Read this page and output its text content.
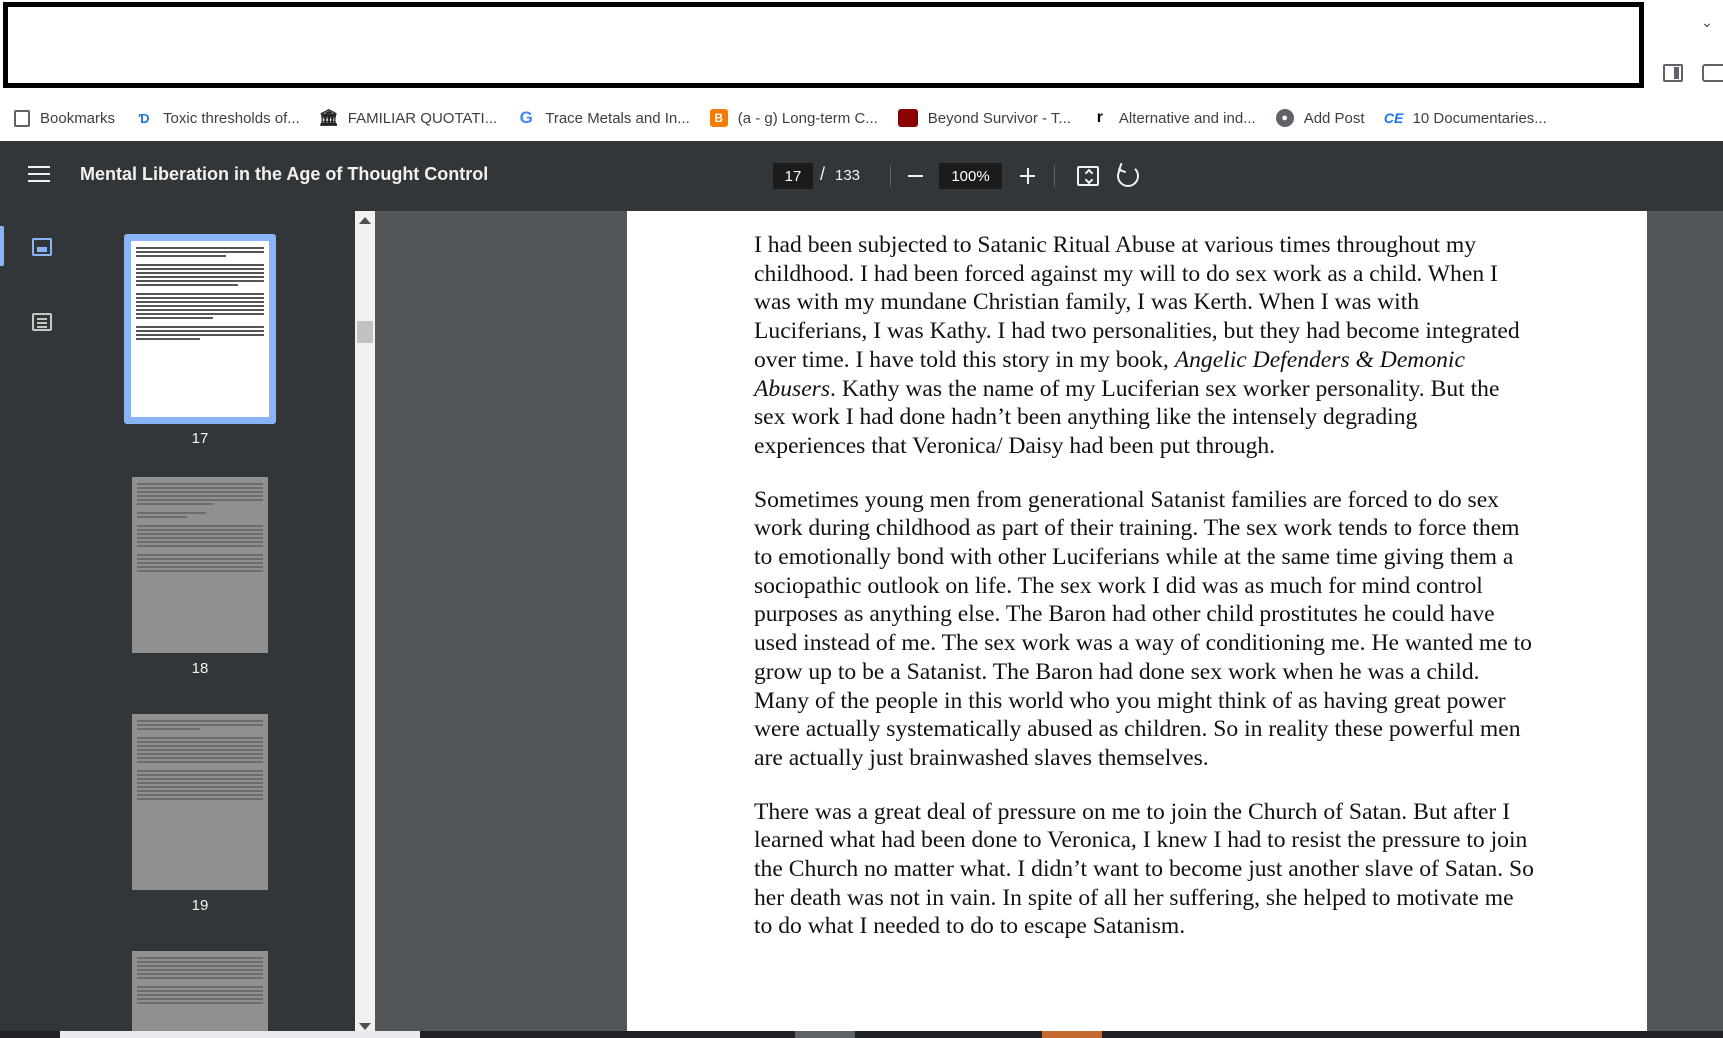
⌄
Bookmarks Ɗ Toxic thresholds of... 🏛 FAMILIAR QUOTATI... G Trace Metals and In...	B (a - g) Long-term C...	Beyond Survivor - T...	r	Alternative and ind...	●	Add Post CE 10 Documentaries...
Mental Liberation in the Age of Thought Control
17	/ 133
100%
17
18
19

I had been subjected to Satanic Ritual Abuse at various times throughout my childhood. I had been forced against my will to do sex work as a child. When I was with my mundane Christian family, I was Kerth. When I was with Luciferians, I was Kathy. I had two personalities, but they had become integrated over time. I have told this story in my book, Angelic Defenders & Demonic Abusers. Kathy was the name of my Luciferian sex worker personality. But the sex work I had done hadn’t been anything like the intensely degrading experiences that Veronica/ Daisy had been put through.

Sometimes young men from generational Satanist families are forced to do sex work during childhood as part of their training. The sex work tends to force them to emotionally bond with other Luciferians while at the same time giving them a sociopathic outlook on life. The sex work I did was as much for mind control purposes as anything else. The Baron had other child prostitutes he could have used instead of me. The sex work was a way of conditioning me. He wanted me to grow up to be a Satanist. The Baron had done sex work when he was a child. Many of the people in this world who you might think of as having great power were actually systematically abused as children. So in reality these powerful men are actually just brainwashed slaves themselves.

There was a great deal of pressure on me to join the Church of Satan. But after I learned what had been done to Veronica, I knew I had to resist the pressure to join the Church no matter what. I didn’t want to become just another slave of Satan. So her death was not in vain. In spite of all her suffering, she helped to motivate me to do what I needed to do to escape Satanism.
